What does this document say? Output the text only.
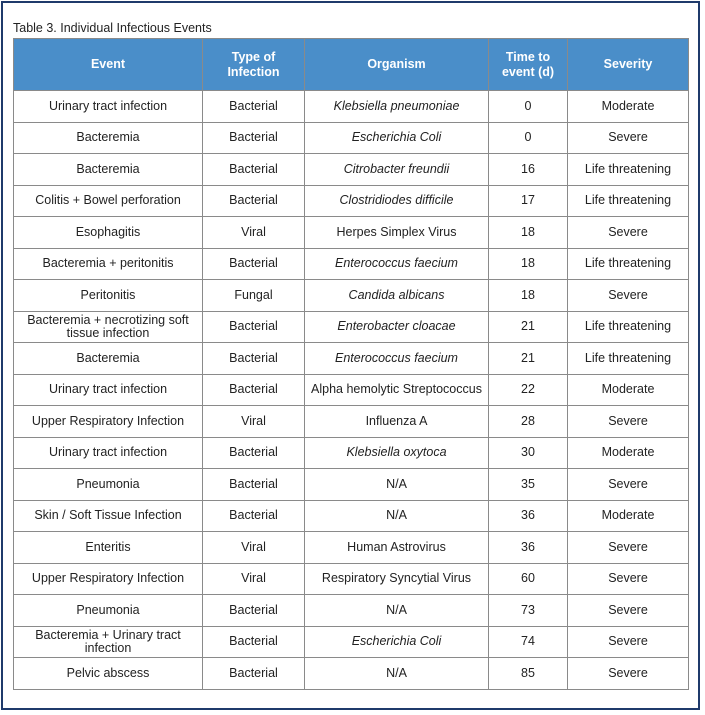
Table 3. Individual Infectious Events
Event	Type of Infection	Organism	Time to event (d)	Severity
Urinary tract infection	Bacterial	Klebsiella pneumoniae	0	Moderate
Bacteremia	Bacterial	Escherichia Coli	0	Severe
Bacteremia	Bacterial	Citrobacter freundii	16	Life threatening
Colitis + Bowel perforation	Bacterial	Clostridiodes difficile	17	Life threatening
Esophagitis	Viral	Herpes Simplex Virus	18	Severe
Bacteremia + peritonitis	Bacterial	Enterococcus faecium	18	Life threatening
Peritonitis	Fungal	Candida albicans	18	Severe
Bacteremia + necrotizing soft tissue infection	Bacterial	Enterobacter cloacae	21	Life threatening
Bacteremia	Bacterial	Enterococcus faecium	21	Life threatening
Urinary tract infection	Bacterial	Alpha hemolytic Streptococcus	22	Moderate
Upper Respiratory Infection	Viral	Influenza A	28	Severe
Urinary tract infection	Bacterial	Klebsiella oxytoca	30	Moderate
Pneumonia	Bacterial	N/A	35	Severe
Skin / Soft Tissue Infection	Bacterial	N/A	36	Moderate
Enteritis	Viral	Human Astrovirus	36	Severe
Upper Respiratory Infection	Viral	Respiratory Syncytial Virus	60	Severe
Pneumonia	Bacterial	N/A	73	Severe
Bacteremia + Urinary tract infection	Bacterial	Escherichia Coli	74	Severe
Pelvic abscess	Bacterial	N/A	85	Severe
